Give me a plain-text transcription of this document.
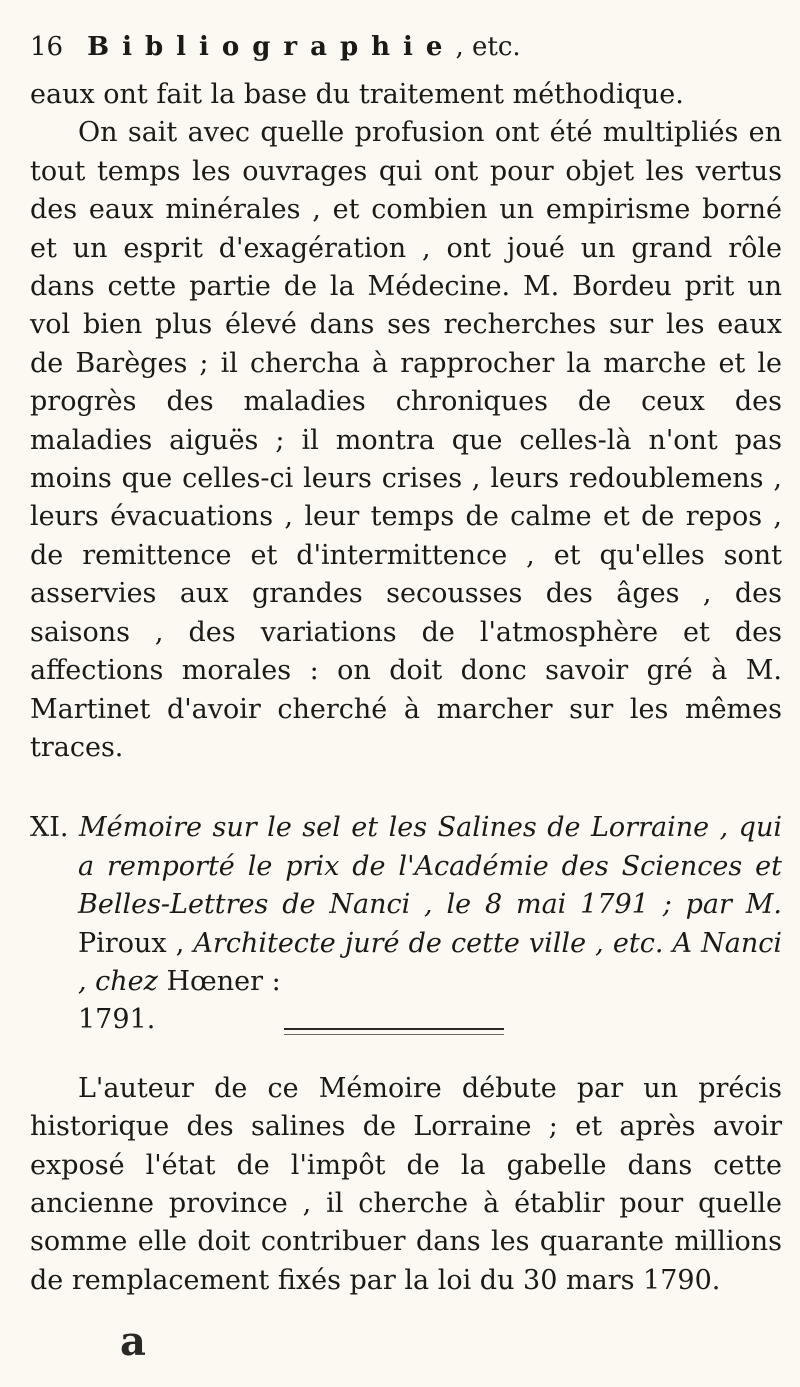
16 Bibliographie , etc.

eaux ont fait la base du traitement méthodique.

On sait avec quelle profusion ont été multipliés en tout temps les ouvrages qui ont pour objet les vertus des eaux minérales , et combien un empirisme borné et un esprit d'exagération , ont joué un grand rôle dans cette partie de la Médecine. M. Bordeu prit un vol bien plus élevé dans ses recherches sur les eaux de Barèges ; il chercha à rapprocher la marche et le progrès des maladies chroniques de ceux des maladies aiguës ; il montra que celles-là n'ont pas moins que celles-ci leurs crises , leurs redoublemens , leurs évacuations , leur temps de calme et de repos , de remittence et d'intermittence , et qu'elles sont asservies aux grandes secousses des âges , des saisons , des variations de l'atmosphère et des affections morales : on doit donc savoir gré à M. Martinet d'avoir cherché à marcher sur les mêmes traces.

XI. Mémoire sur le sel et les Salines de Lorraine , qui a remporté le prix de l'Académie des Sciences et Belles-Lettres de Nanci , le 8 mai 1791 ; par M. Piroux , Architecte juré de cette ville , etc. A Nanci , chez Hœner :
1791.

L'auteur de ce Mémoire débute par un précis historique des salines de Lorraine ; et après avoir exposé l'état de l'impôt de la gabelle dans cette ancienne province , il cherche à établir pour quelle somme elle doit contribuer dans les quarante millions de remplacement fixés par la loi du 30 mars 1790.

a
